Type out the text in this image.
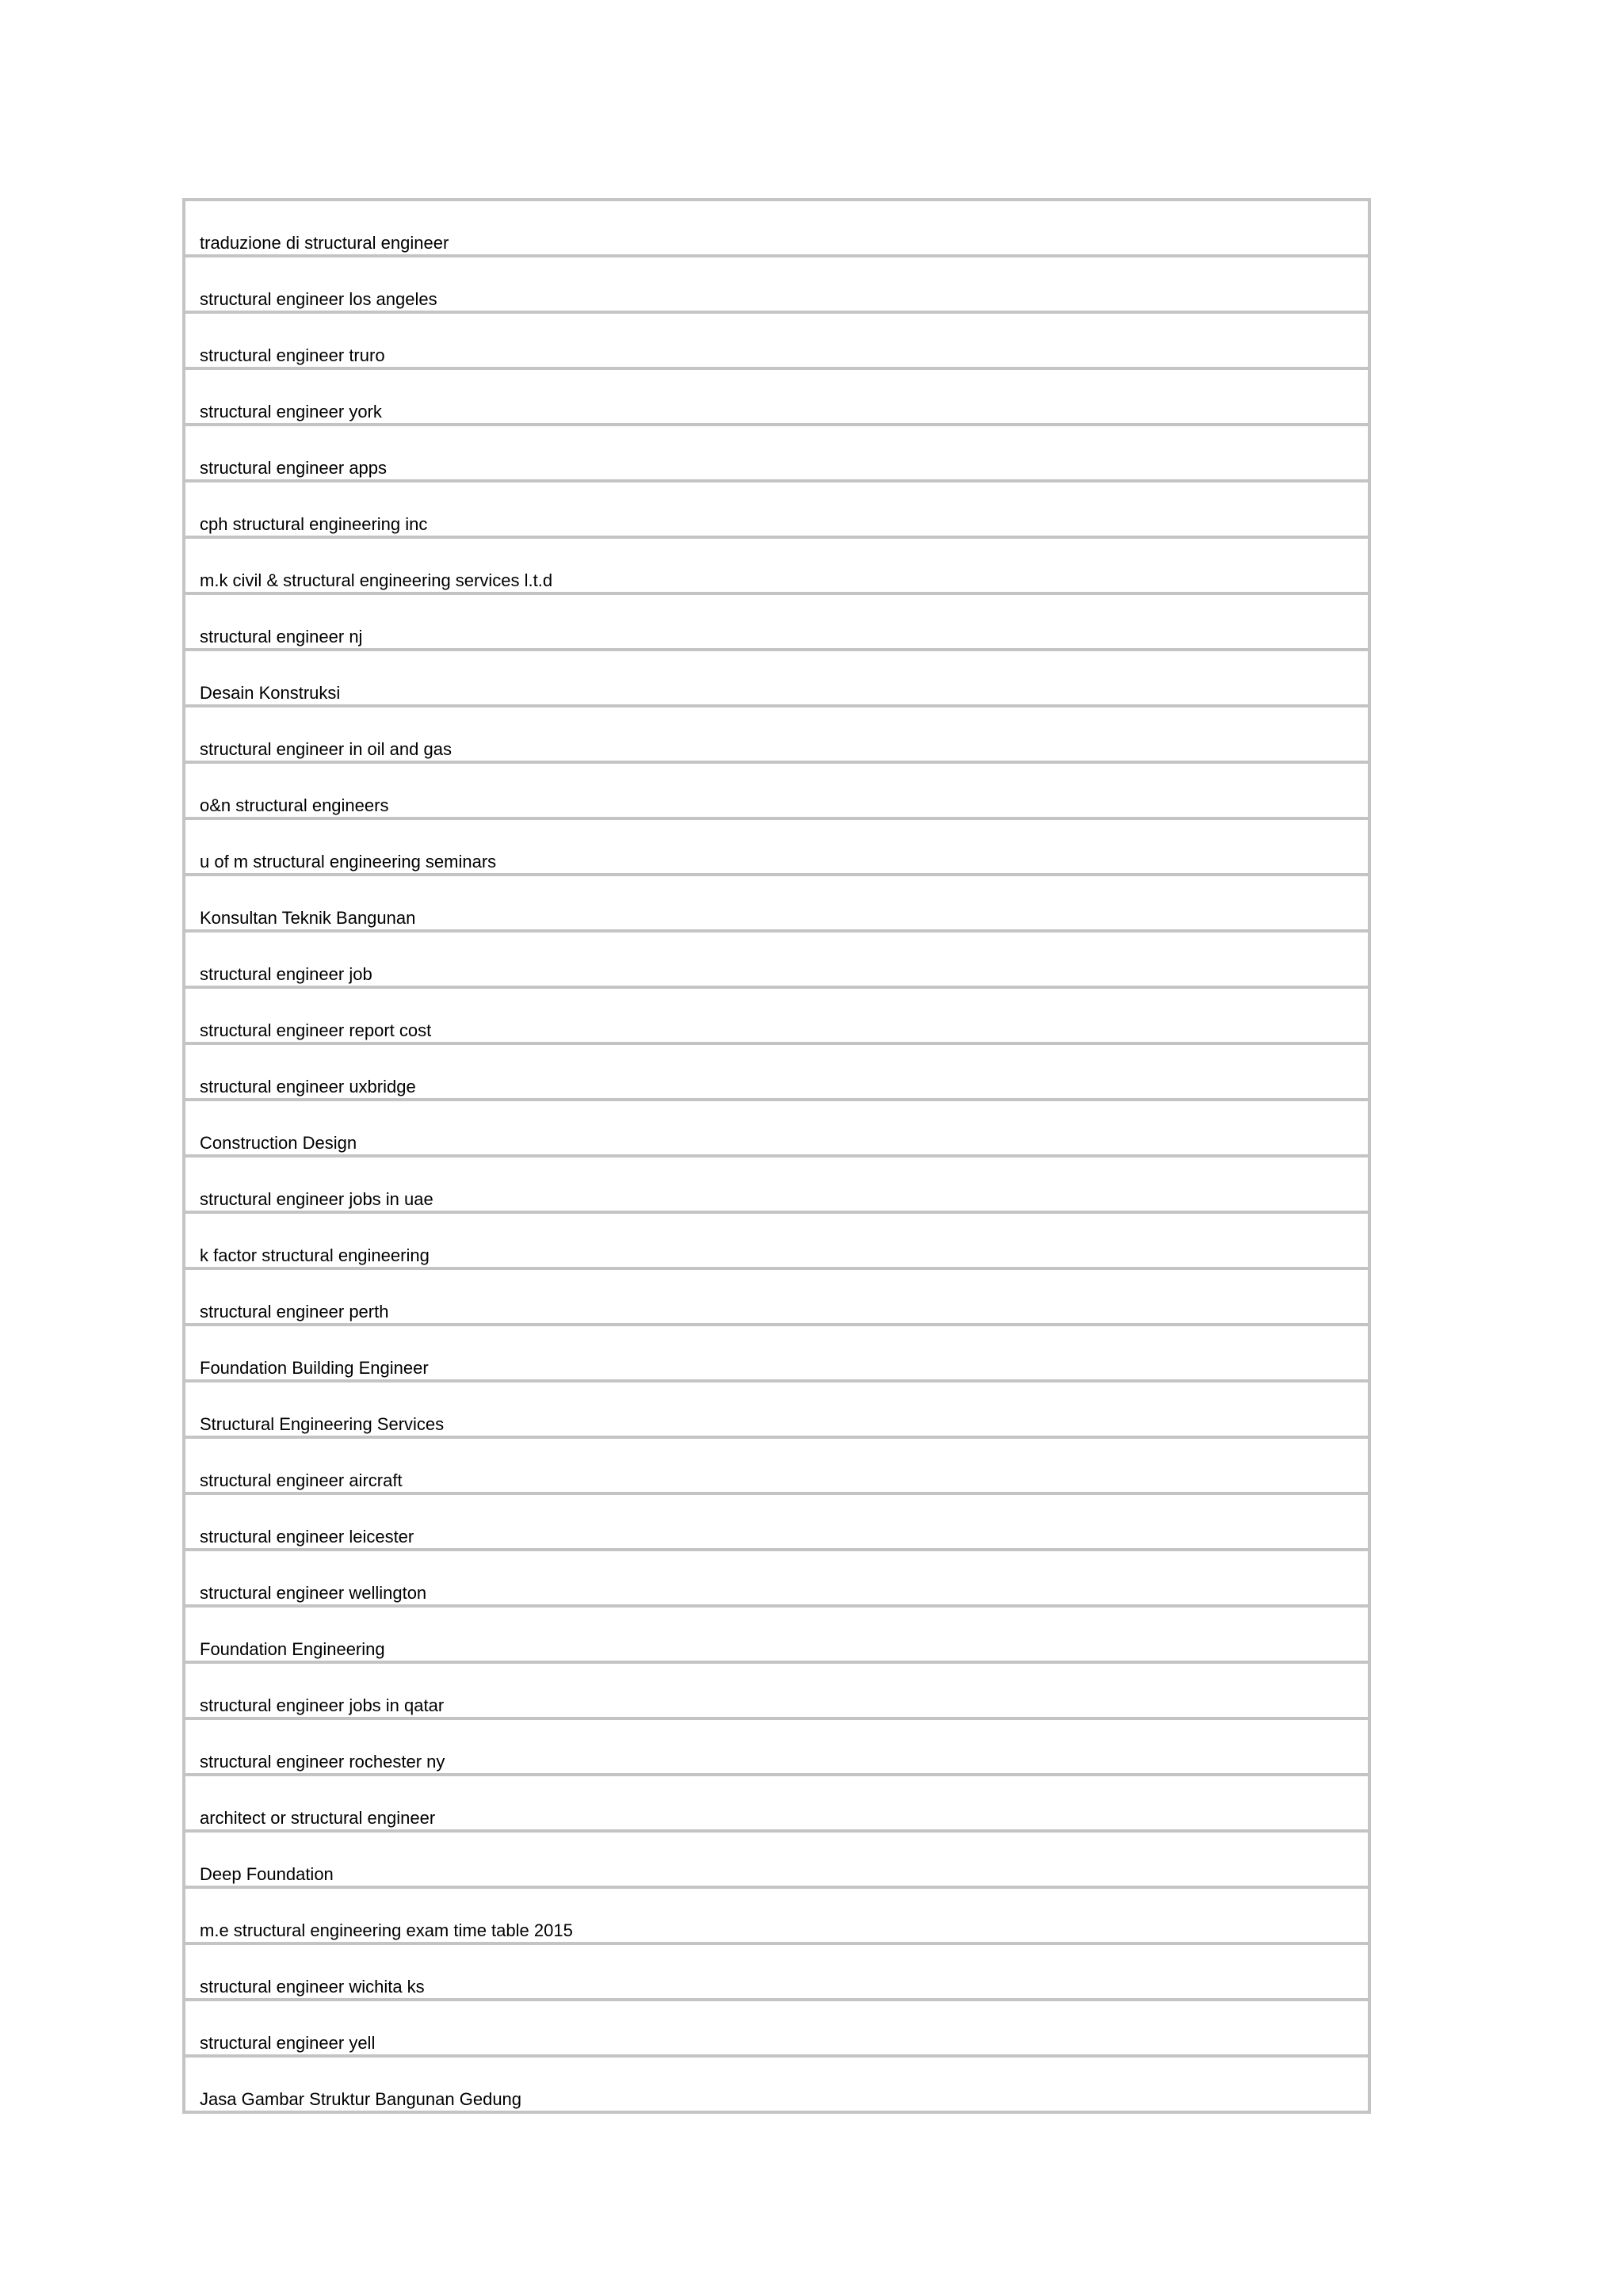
traduzione di structural engineer
structural engineer los angeles
structural engineer truro
structural engineer york
structural engineer apps
cph structural engineering inc
m.k civil & structural engineering services l.t.d
structural engineer nj
Desain Konstruksi
structural engineer in oil and gas
o&n structural engineers
u of m structural engineering seminars
Konsultan Teknik Bangunan
structural engineer job
structural engineer report cost
structural engineer uxbridge
Construction Design
structural engineer jobs in uae
k factor structural engineering
structural engineer perth
Foundation Building Engineer
Structural Engineering Services
structural engineer aircraft
structural engineer leicester
structural engineer wellington
Foundation Engineering
structural engineer jobs in qatar
structural engineer rochester ny
architect or structural engineer
Deep Foundation
m.e structural engineering exam time table 2015
structural engineer wichita ks
structural engineer yell
Jasa Gambar Struktur Bangunan Gedung
